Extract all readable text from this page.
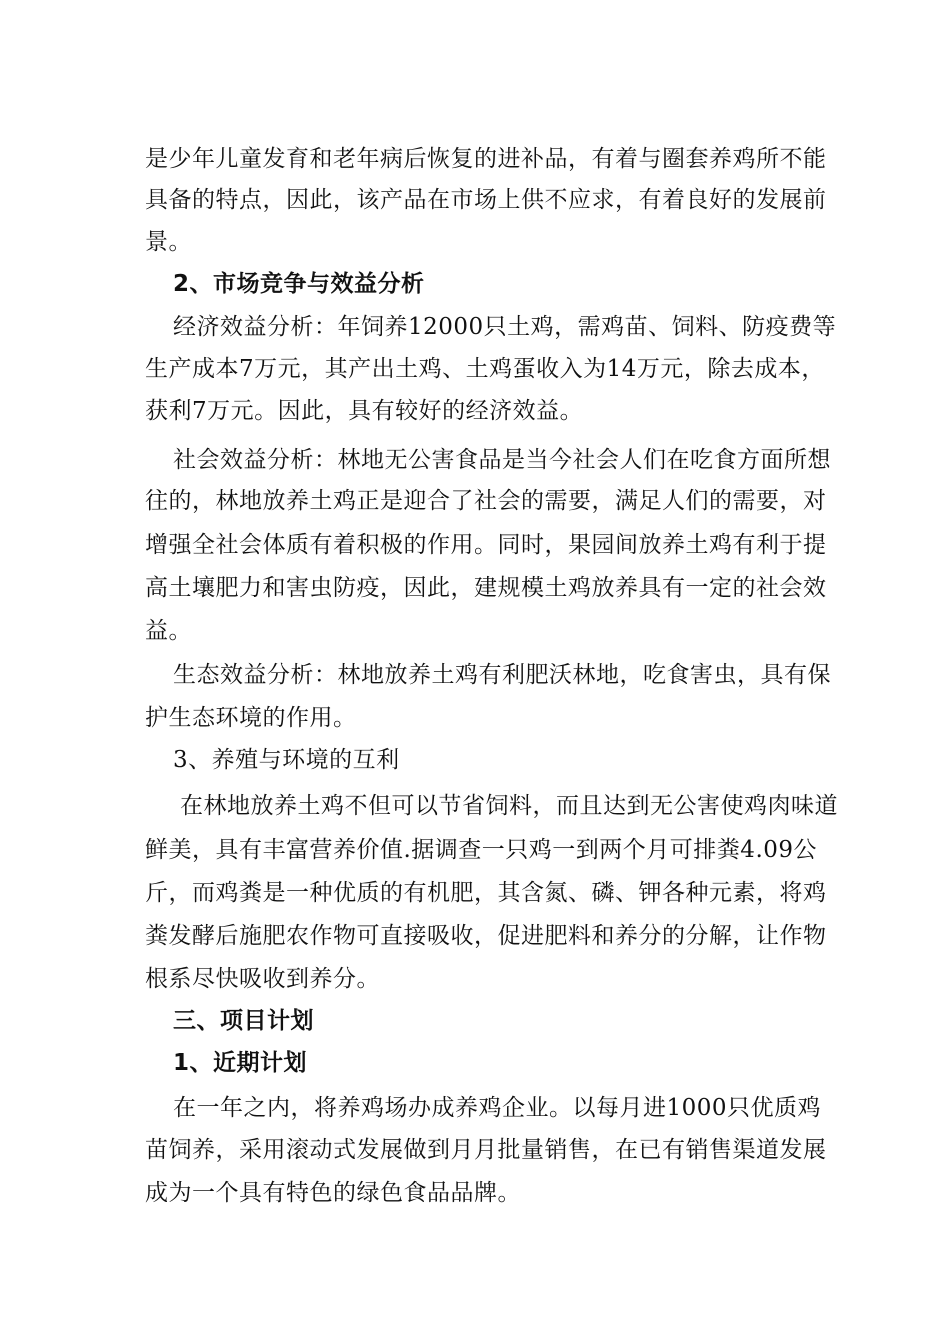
是少年儿童发育和老年病后恢复的进补品，有着与圈套养鸡所不能
具备的特点，因此，该产品在市场上供不应求，有着良好的发展前
景。
2、市场竞争与效益分析
经济效益分析：年饲养12000只土鸡，需鸡苗、饲料、防疫费等
生产成本7万元，其产出土鸡、土鸡蛋收入为14万元，除去成本，
获利7万元。因此，具有较好的经济效益。
社会效益分析：林地无公害食品是当今社会人们在吃食方面所想
往的，林地放养土鸡正是迎合了社会的需要，满足人们的需要，对
增强全社会体质有着积极的作用。同时，果园间放养土鸡有利于提
高土壤肥力和害虫防疫，因此，建规模土鸡放养具有一定的社会效
益。
生态效益分析：林地放养土鸡有利肥沃林地，吃食害虫，具有保
护生态环境的作用。
3、养殖与环境的互利
在林地放养土鸡不但可以节省饲料，而且达到无公害使鸡肉味道
鲜美，具有丰富营养价值.据调查一只鸡一到两个月可排粪4.09公
斤，而鸡粪是一种优质的有机肥，其含氮、磷、钾各种元素，将鸡
粪发酵后施肥农作物可直接吸收，促进肥料和养分的分解，让作物
根系尽快吸收到养分。
三、项目计划
1、近期计划
在一年之内，将养鸡场办成养鸡企业。以每月进1000只优质鸡
苗饲养，采用滚动式发展做到月月批量销售，在已有销售渠道发展
成为一个具有特色的绿色食品品牌。
